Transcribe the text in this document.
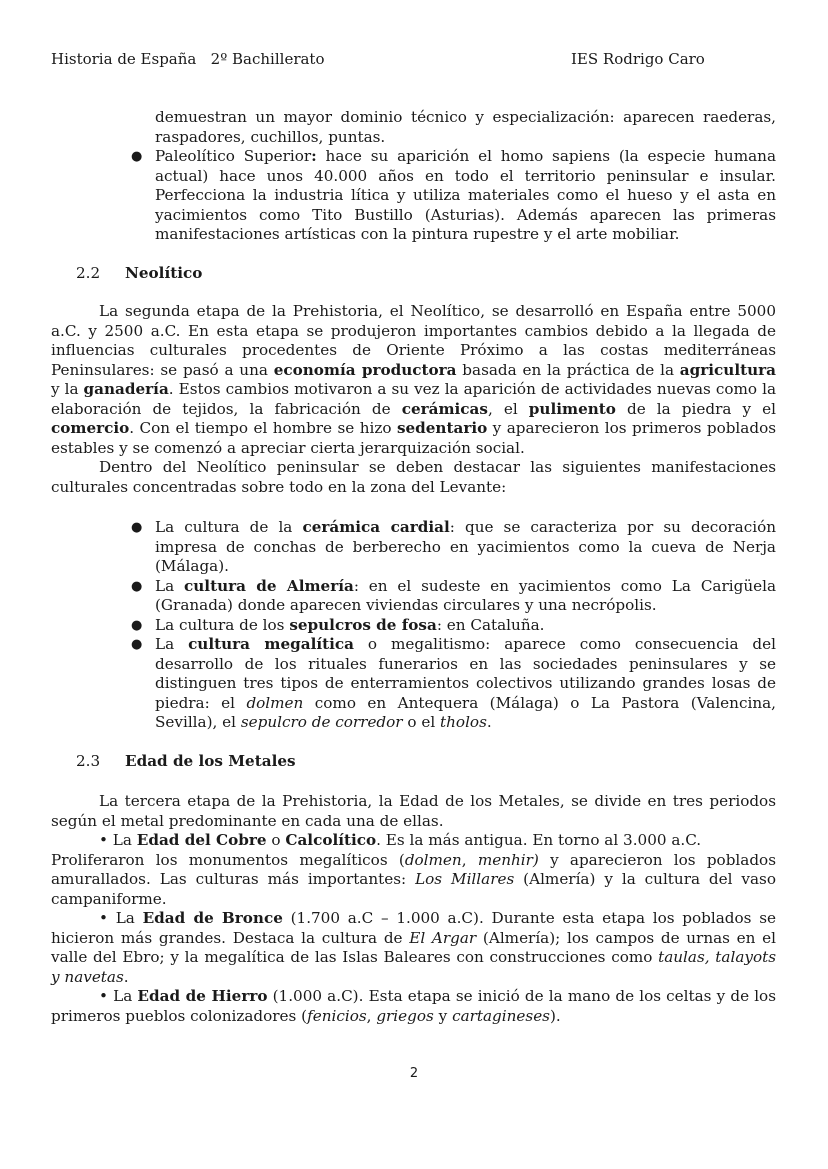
Historia de España   2º Bachillerato	IES Rodrigo Caro

demuestran un mayor dominio técnico y especialización: aparecen raederas, raspadores, cuchillos, puntas.

● Paleolítico Superior: hace su aparición el homo sapiens (la especie humana actual) hace unos 40.000 años en todo el territorio peninsular e insular. Perfecciona la industria lítica y utiliza materiales como el hueso y el asta en yacimientos como Tito Bustillo (Asturias). Además aparecen las primeras manifestaciones artísticas con la pintura rupestre y el arte mobiliar.

2.2 Neolítico

La segunda etapa de la Prehistoria, el Neolítico, se desarrolló en España entre 5000 a.C. y 2500 a.C. En esta etapa se produjeron importantes cambios debido a la llegada de influencias culturales procedentes de Oriente Próximo a las costas mediterráneas Peninsulares: se pasó a una economía productora basada en la práctica de la agricultura y la ganadería. Estos cambios motivaron a su vez la aparición de actividades nuevas como la elaboración de tejidos, la fabricación de cerámicas, el pulimento de la piedra y el comercio. Con el tiempo el hombre se hizo sedentario y aparecieron los primeros poblados estables y se comenzó a apreciar cierta jerarquización social.

Dentro del Neolítico peninsular se deben destacar las siguientes manifestaciones culturales concentradas sobre todo en la zona del Levante:

● La cultura de la cerámica cardial: que se caracteriza por su decoración impresa de conchas de berberecho en yacimientos como la cueva de Nerja (Málaga).

● La cultura de Almería: en el sudeste en yacimientos como La Carigüela (Granada) donde aparecen viviendas circulares y una necrópolis.

● La cultura de los sepulcros de fosa: en Cataluña.

● La cultura megalítica o megalitismo: aparece como consecuencia del desarrollo de los rituales funerarios en las sociedades peninsulares y se distinguen tres tipos de enterramientos colectivos utilizando grandes losas de piedra: el dolmen como en Antequera (Málaga) o La Pastora (Valencina, Sevilla), el sepulcro de corredor o el tholos.

2.3 Edad de los Metales

La tercera etapa de la Prehistoria, la Edad de los Metales, se divide en tres periodos según el metal predominante en cada una de ellas.

• La Edad del Cobre o Calcolítico. Es la más antigua. En torno al 3.000 a.C.

Proliferaron los monumentos megalíticos (dolmen, menhir) y aparecieron los poblados amurallados. Las culturas más importantes: Los Millares (Almería) y la cultura del vaso campaniforme.

• La Edad de Bronce (1.700 a.C – 1.000 a.C). Durante esta etapa los poblados se hicieron más grandes. Destaca la cultura de El Argar (Almería); los campos de urnas en el valle del Ebro; y la megalítica de las Islas Baleares con construcciones como taulas, talayots y navetas.

• La Edad de Hierro (1.000 a.C). Esta etapa se inició de la mano de los celtas y de los primeros pueblos colonizadores (fenicios, griegos y cartagineses).

2
